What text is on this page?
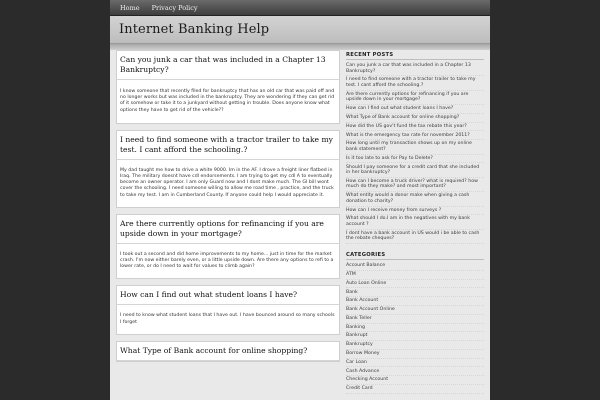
Home	Privacy Policy
Internet Banking Help
Can you junk a car that was included in a Chapter 13 Bankruptcy?
I know someone that recently filed for bankruptcy that has an old car that was paid off and no longer works but was included in the bankruptcy. They are wondering if they can get rid of it somehow or take it to a junkyard without getting in trouble. Does anyone know what options they have to get rid of the vehicle??
I need to find someone with a tractor trailer to take my test. I cant afford the schooling.?
My dad taught me how to drive a white 9000. Im in the AF. I drove a freight liner flatbed in Iraq. The military doesnt have cdl endorsements. I am trying to get my cdl A to eventually become an owner operator. I am only Guard now and I dont make much. The GI bill wont cover the schooling. I need someone willing to allow me road time , practice, and the truck to take my test. I am in Cumberland County. If anyone could help I would appreciate it.
Are there currently options for refinancing if you are upside down in your mortgage?
I took out a second and did home improvements to my home... just in time for the market crash. I'm now either barely even, or a little upside down. Are there any options to refi to a lower rate, or do I need to wait for values to climb again?
How can I find out what student loans I have?
I need to know what student loans that I have out. I have bounced around so many schools I forget
What Type of Bank account for online shopping?
RECENT POSTS
Can you junk a car that was included in a Chapter 13 Bankruptcy?
I need to find someone with a tractor trailer to take my test. I cant afford the schooling.?
Are there currently options for refinancing if you are upside down in your mortgage?
How can I find out what student loans I have?
What Type of Bank account for online shopping?
How did the US gov't fund the tax rebate this year?
What is the emergency tax rate for november 2011?
How long until my transaction shows up on my online bank statement?
Is it too late to ask for Pay to Delete?
Should I pay someone for a credit card that she included in her bankruptcy?
How can I become a truck driver? what is required? how much do they make? and most important?
What entity would a donor make when giving a cash donation to charity?
How can I receive money from surveys ?
What should I do.I am in the negatives with my bank account ?
I dont have a bank account in US would i be able to cash the rebate cheques?
CATEGORIES
Account Balance
ATM
Auto Loan Online
Bank
Bank Account
Bank Account Online
Bank Teller
Banking
Bankrupt
Bankruptcy
Borrow Money
Car Loan
Cash Advance
Checking Account
Credit Card
